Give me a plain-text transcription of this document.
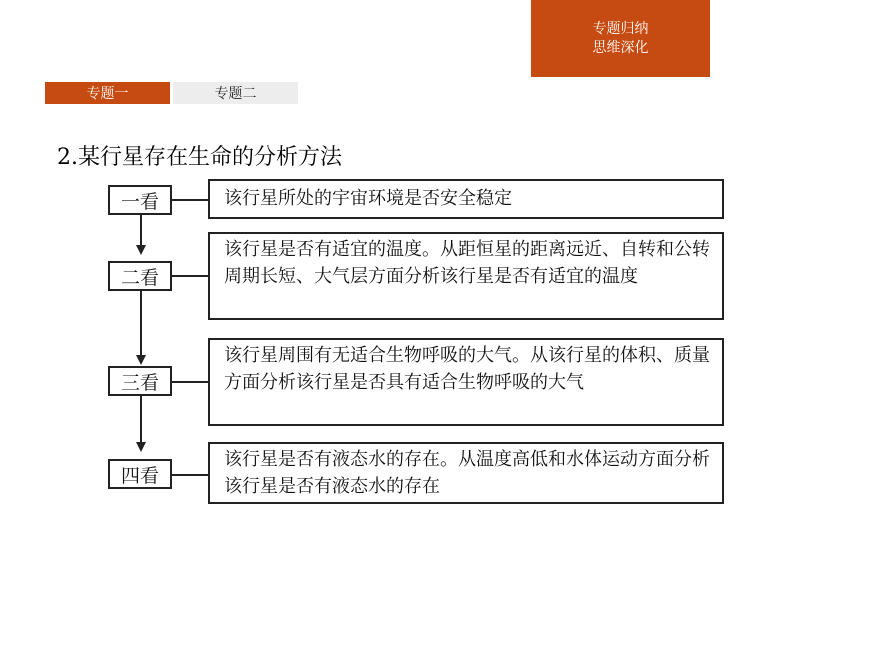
专题归纳
思维深化
专题一	专题二
2.某行星存在生命的分析方法
一看	该行星所处的宇宙环境是否安全稳定
二看
该行星是否有适宜的温度。从距恒星的距离远近、自转和公转周期长短、大气层方面分析该行星是否有适宜的温度
三看
该行星周围有无适合生物呼吸的大气。从该行星的体积、质量方面分析该行星是否具有适合生物呼吸的大气
四看
该行星是否有液态水的存在。从温度高低和水体运动方面分析该行星是否有液态水的存在
